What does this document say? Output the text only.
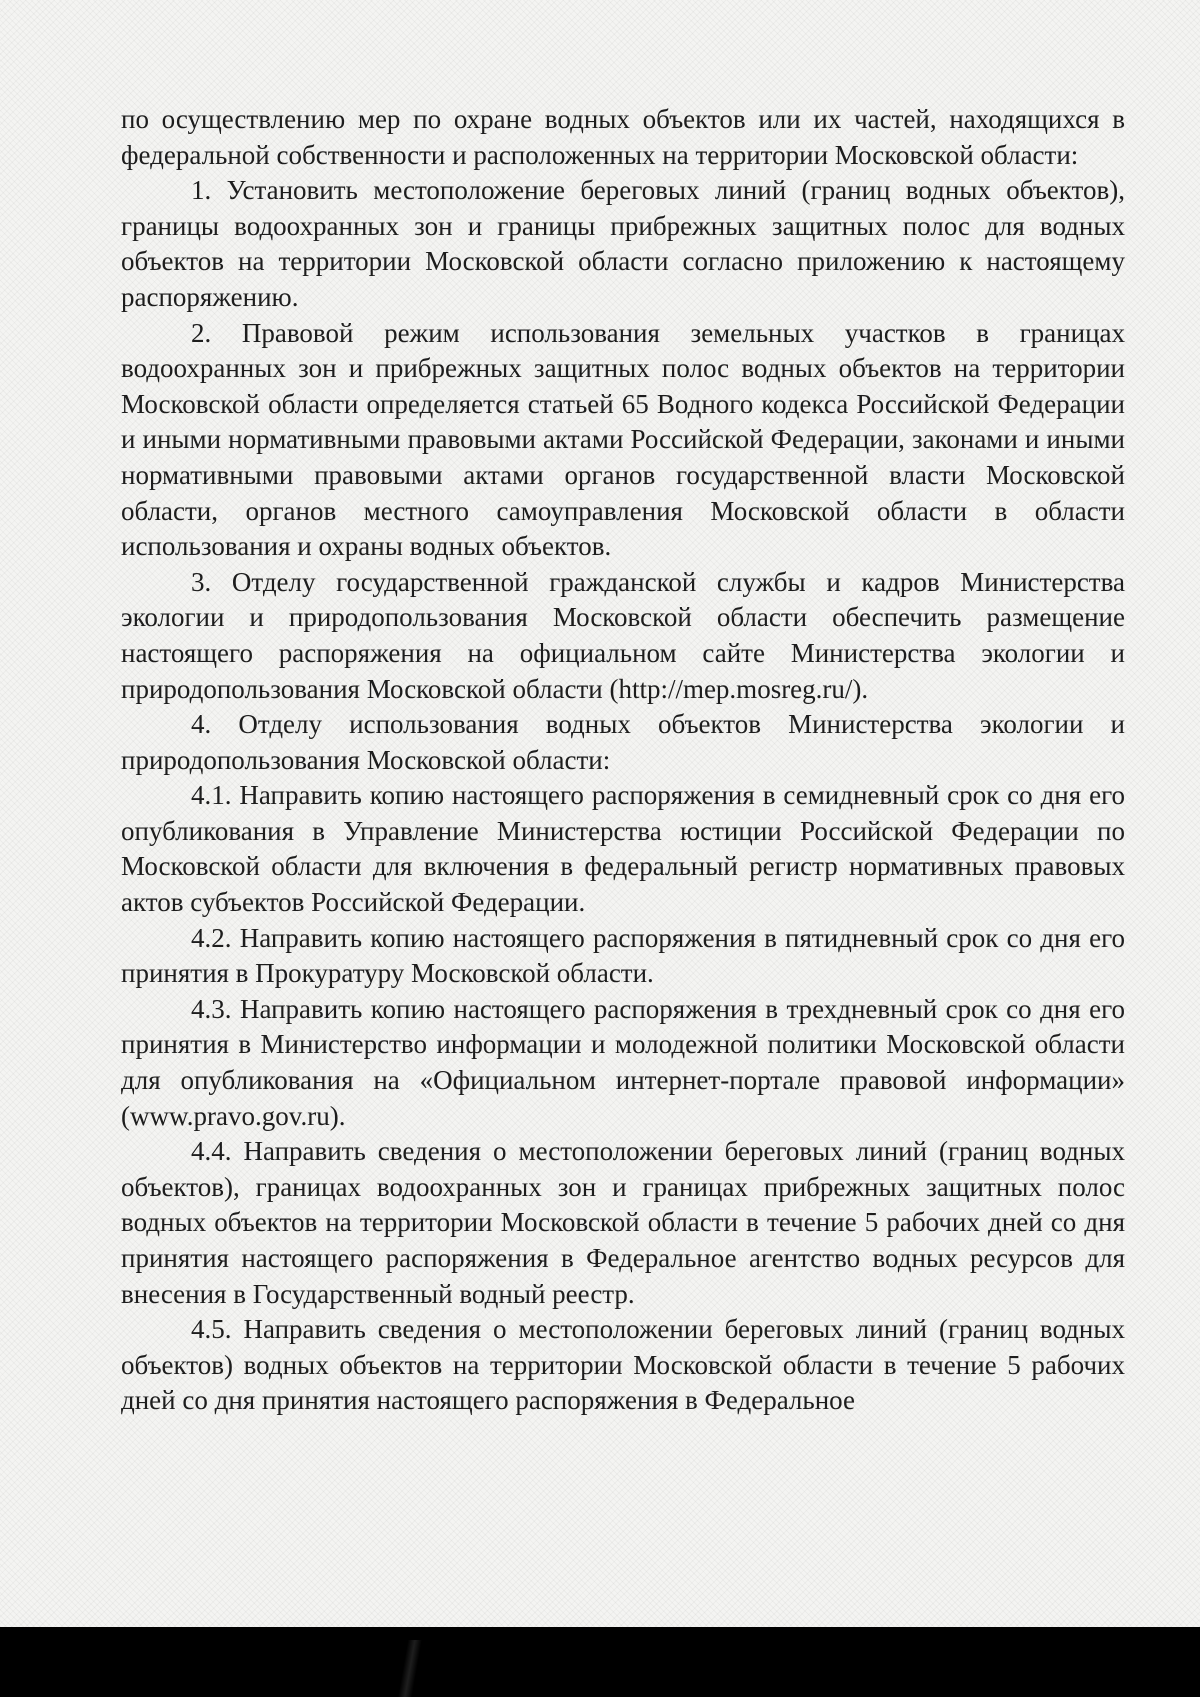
по осуществлению мер по охране водных объектов или их частей, находящихся в федеральной собственности и расположенных на территории Московской области:

1. Установить местоположение береговых линий (границ водных объектов), границы водоохранных зон и границы прибрежных защитных полос для водных объектов на территории Московской области согласно приложению к настоящему распоряжению.

2. Правовой режим использования земельных участков в границах водоохранных зон и прибрежных защитных полос водных объектов на территории Московской области определяется статьей 65 Водного кодекса Российской Федерации и иными нормативными правовыми актами Российской Федерации, законами и иными нормативными правовыми актами органов государственной власти Московской области, органов местного самоуправления Московской области в области использования и охраны водных объектов.

3. Отделу государственной гражданской службы и кадров Министерства экологии и природопользования Московской области обеспечить размещение настоящего распоряжения на официальном сайте Министерства экологии и природопользования Московской области (http://mep.mosreg.ru/).

4. Отделу использования водных объектов Министерства экологии и природопользования Московской области:

4.1. Направить копию настоящего распоряжения в семидневный срок со дня его опубликования в Управление Министерства юстиции Российской Федерации по Московской области для включения в федеральный регистр нормативных правовых актов субъектов Российской Федерации.

4.2. Направить копию настоящего распоряжения в пятидневный срок со дня его принятия в Прокуратуру Московской области.

4.3. Направить копию настоящего распоряжения в трехдневный срок со дня его принятия в Министерство информации и молодежной политики Московской области для опубликования на «Официальном интернет-портале правовой информации» (www.pravo.gov.ru).

4.4. Направить сведения о местоположении береговых линий (границ водных объектов), границах водоохранных зон и границах прибрежных защитных полос водных объектов на территории Московской области в течение 5 рабочих дней со дня принятия настоящего распоряжения в Федеральное агентство водных ресурсов для внесения в Государственный водный реестр.

4.5. Направить сведения о местоположении береговых линий (границ водных объектов) водных объектов на территории Московской области в течение 5 рабочих дней со дня принятия настоящего распоряжения в Федеральное
